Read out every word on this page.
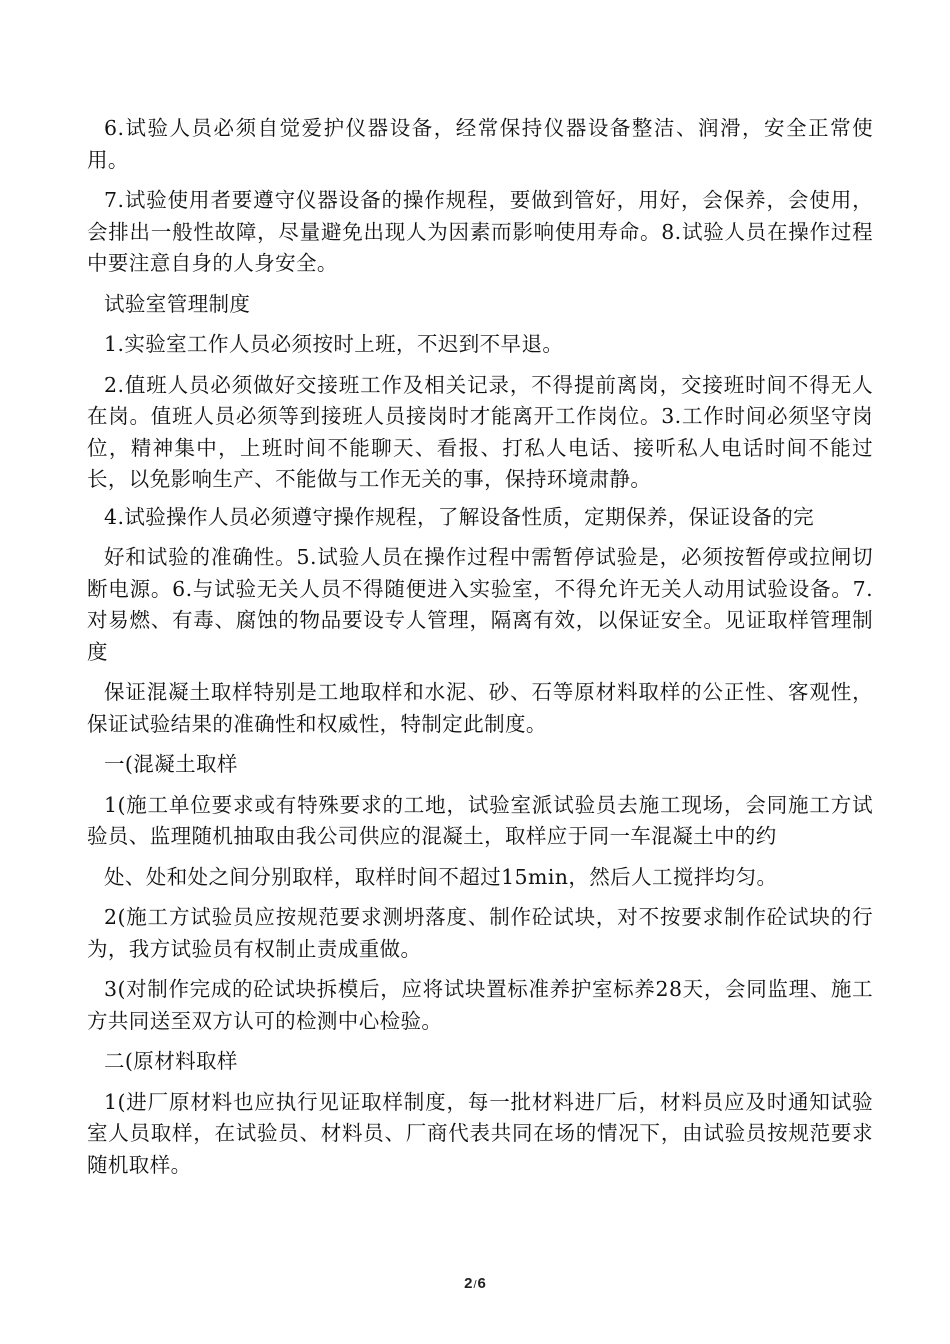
6.试验人员必须自觉爱护仪器设备，经常保持仪器设备整洁、润滑，安全正常使用。

7.试验使用者要遵守仪器设备的操作规程，要做到管好，用好，会保养，会使用，会排出一般性故障，尽量避免出现人为因素而影响使用寿命。8.试验人员在操作过程中要注意自身的人身安全。

试验室管理制度

1.实验室工作人员必须按时上班，不迟到不早退。

2.值班人员必须做好交接班工作及相关记录，不得提前离岗，交接班时间不得无人在岗。值班人员必须等到接班人员接岗时才能离开工作岗位。3.工作时间必须坚守岗位，精神集中，上班时间不能聊天、看报、打私人电话、接听私人电话时间不能过长，以免影响生产、不能做与工作无关的事，保持环境肃静。

4.试验操作人员必须遵守操作规程，了解设备性质，定期保养，保证设备的完

好和试验的准确性。5.试验人员在操作过程中需暂停试验是，必须按暂停或拉闸切断电源。6.与试验无关人员不得随便进入实验室，不得允许无关人动用试验设备。7.对易燃、有毒、腐蚀的物品要设专人管理，隔离有效，以保证安全。见证取样管理制度

保证混凝土取样特别是工地取样和水泥、砂、石等原材料取样的公正性、客观性，保证试验结果的准确性和权威性，特制定此制度。

一(混凝土取样

1(施工单位要求或有特殊要求的工地，试验室派试验员去施工现场，会同施工方试验员、监理随机抽取由我公司供应的混凝土，取样应于同一车混凝土中的约

处、处和处之间分别取样，取样时间不超过15min，然后人工搅拌均匀。

2(施工方试验员应按规范要求测坍落度、制作砼试块，对不按要求制作砼试块的行为，我方试验员有权制止责成重做。

3(对制作完成的砼试块拆模后，应将试块置标准养护室标养28天，会同监理、施工方共同送至双方认可的检测中心检验。

二(原材料取样

1(进厂原材料也应执行见证取样制度，每一批材料进厂后，材料员应及时通知试验室人员取样，在试验员、材料员、厂商代表共同在场的情况下，由试验员按规范要求随机取样。

2/6
